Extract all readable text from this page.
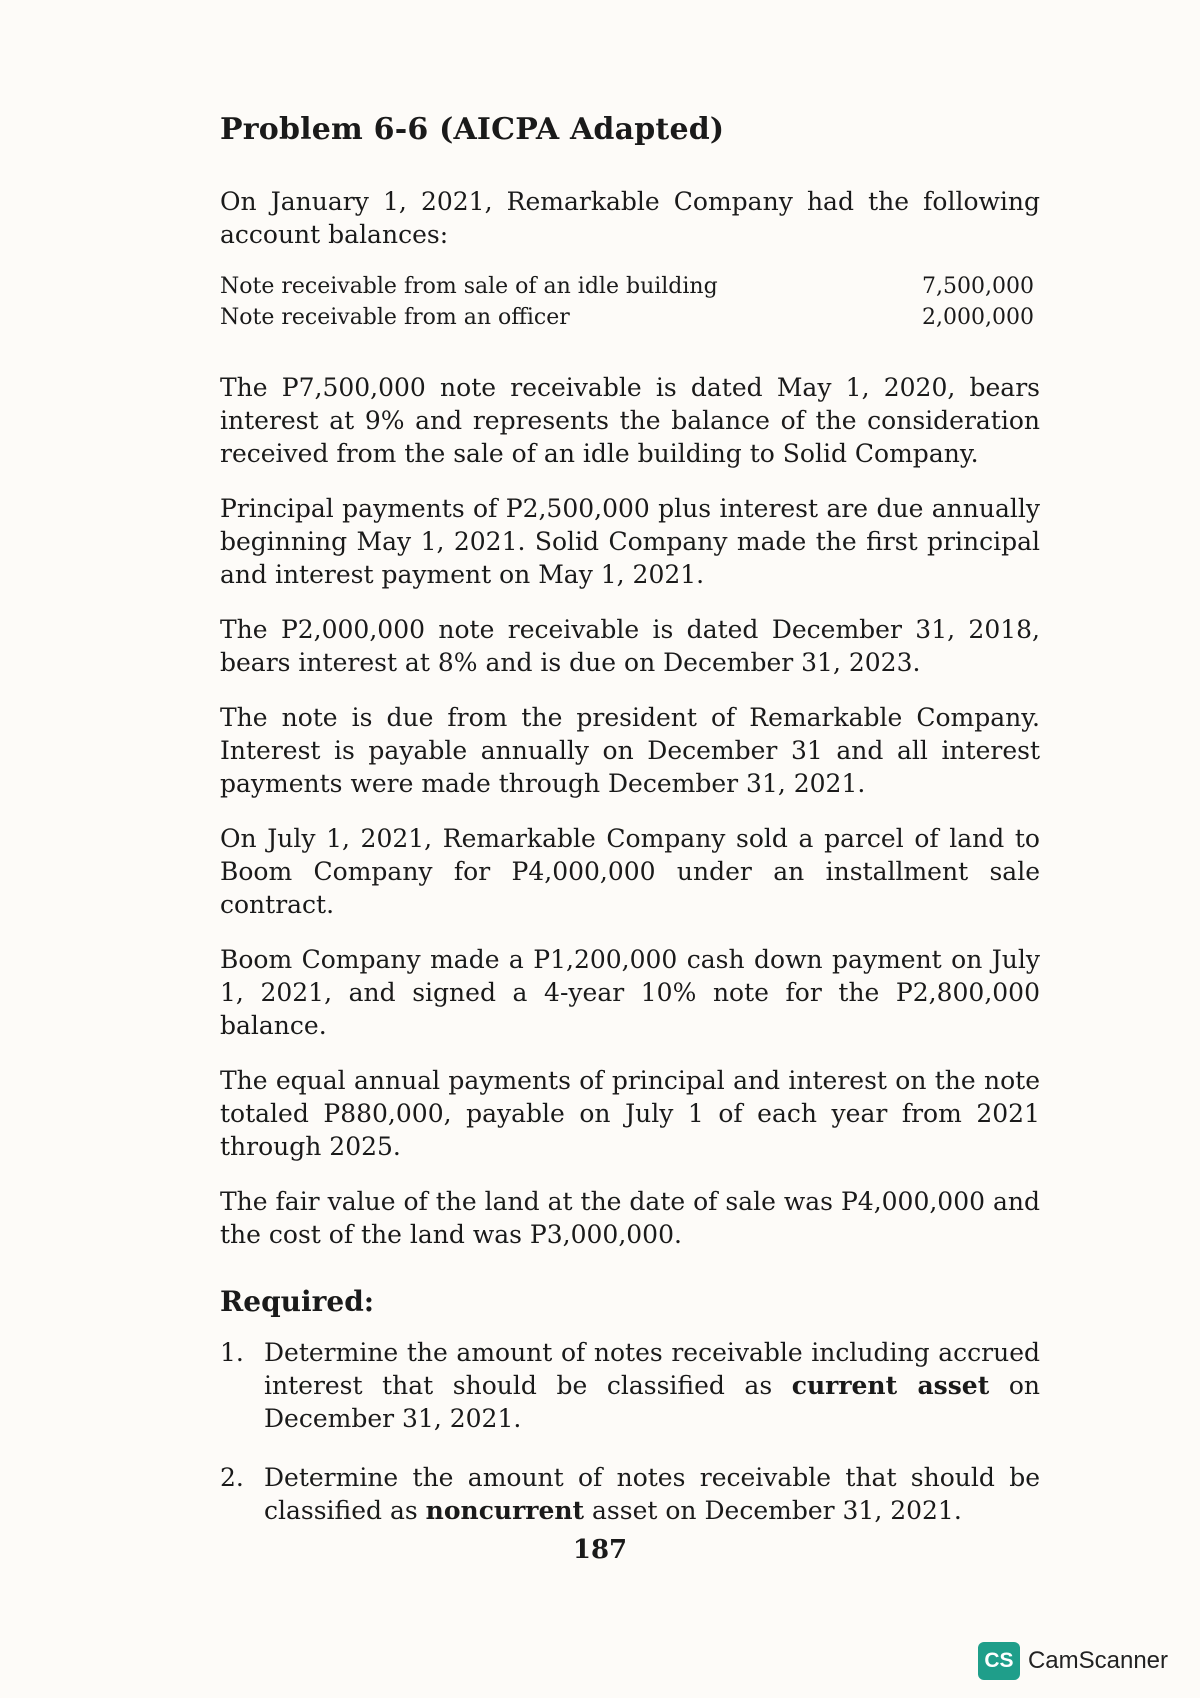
Problem 6-6 (AICPA Adapted)
On January 1, 2021, Remarkable Company had the following account balances:
Note receivable from sale of an idle building	7,500,000
Note receivable from an officer	2,000,000
The P7,500,000 note receivable is dated May 1, 2020, bears interest at 9% and represents the balance of the consideration received from the sale of an idle building to Solid Company.
Principal payments of P2,500,000 plus interest are due annually beginning May 1, 2021. Solid Company made the first principal and interest payment on May 1, 2021.
The P2,000,000 note receivable is dated December 31, 2018, bears interest at 8% and is due on December 31, 2023.
The note is due from the president of Remarkable Company. Interest is payable annually on December 31 and all interest payments were made through December 31, 2021.
On July 1, 2021, Remarkable Company sold a parcel of land to Boom Company for P4,000,000 under an installment sale contract.
Boom Company made a P1,200,000 cash down payment on July 1, 2021, and signed a 4-year 10% note for the P2,800,000 balance.
The equal annual payments of principal and interest on the note totaled P880,000, payable on July 1 of each year from 2021 through 2025.
The fair value of the land at the date of sale was P4,000,000 and the cost of the land was P3,000,000.
Required:
1. Determine the amount of notes receivable including accrued interest that should be classified as current asset on December 31, 2021.
2. Determine the amount of notes receivable that should be classified as noncurrent asset on December 31, 2021.
187
CS CamScanner
